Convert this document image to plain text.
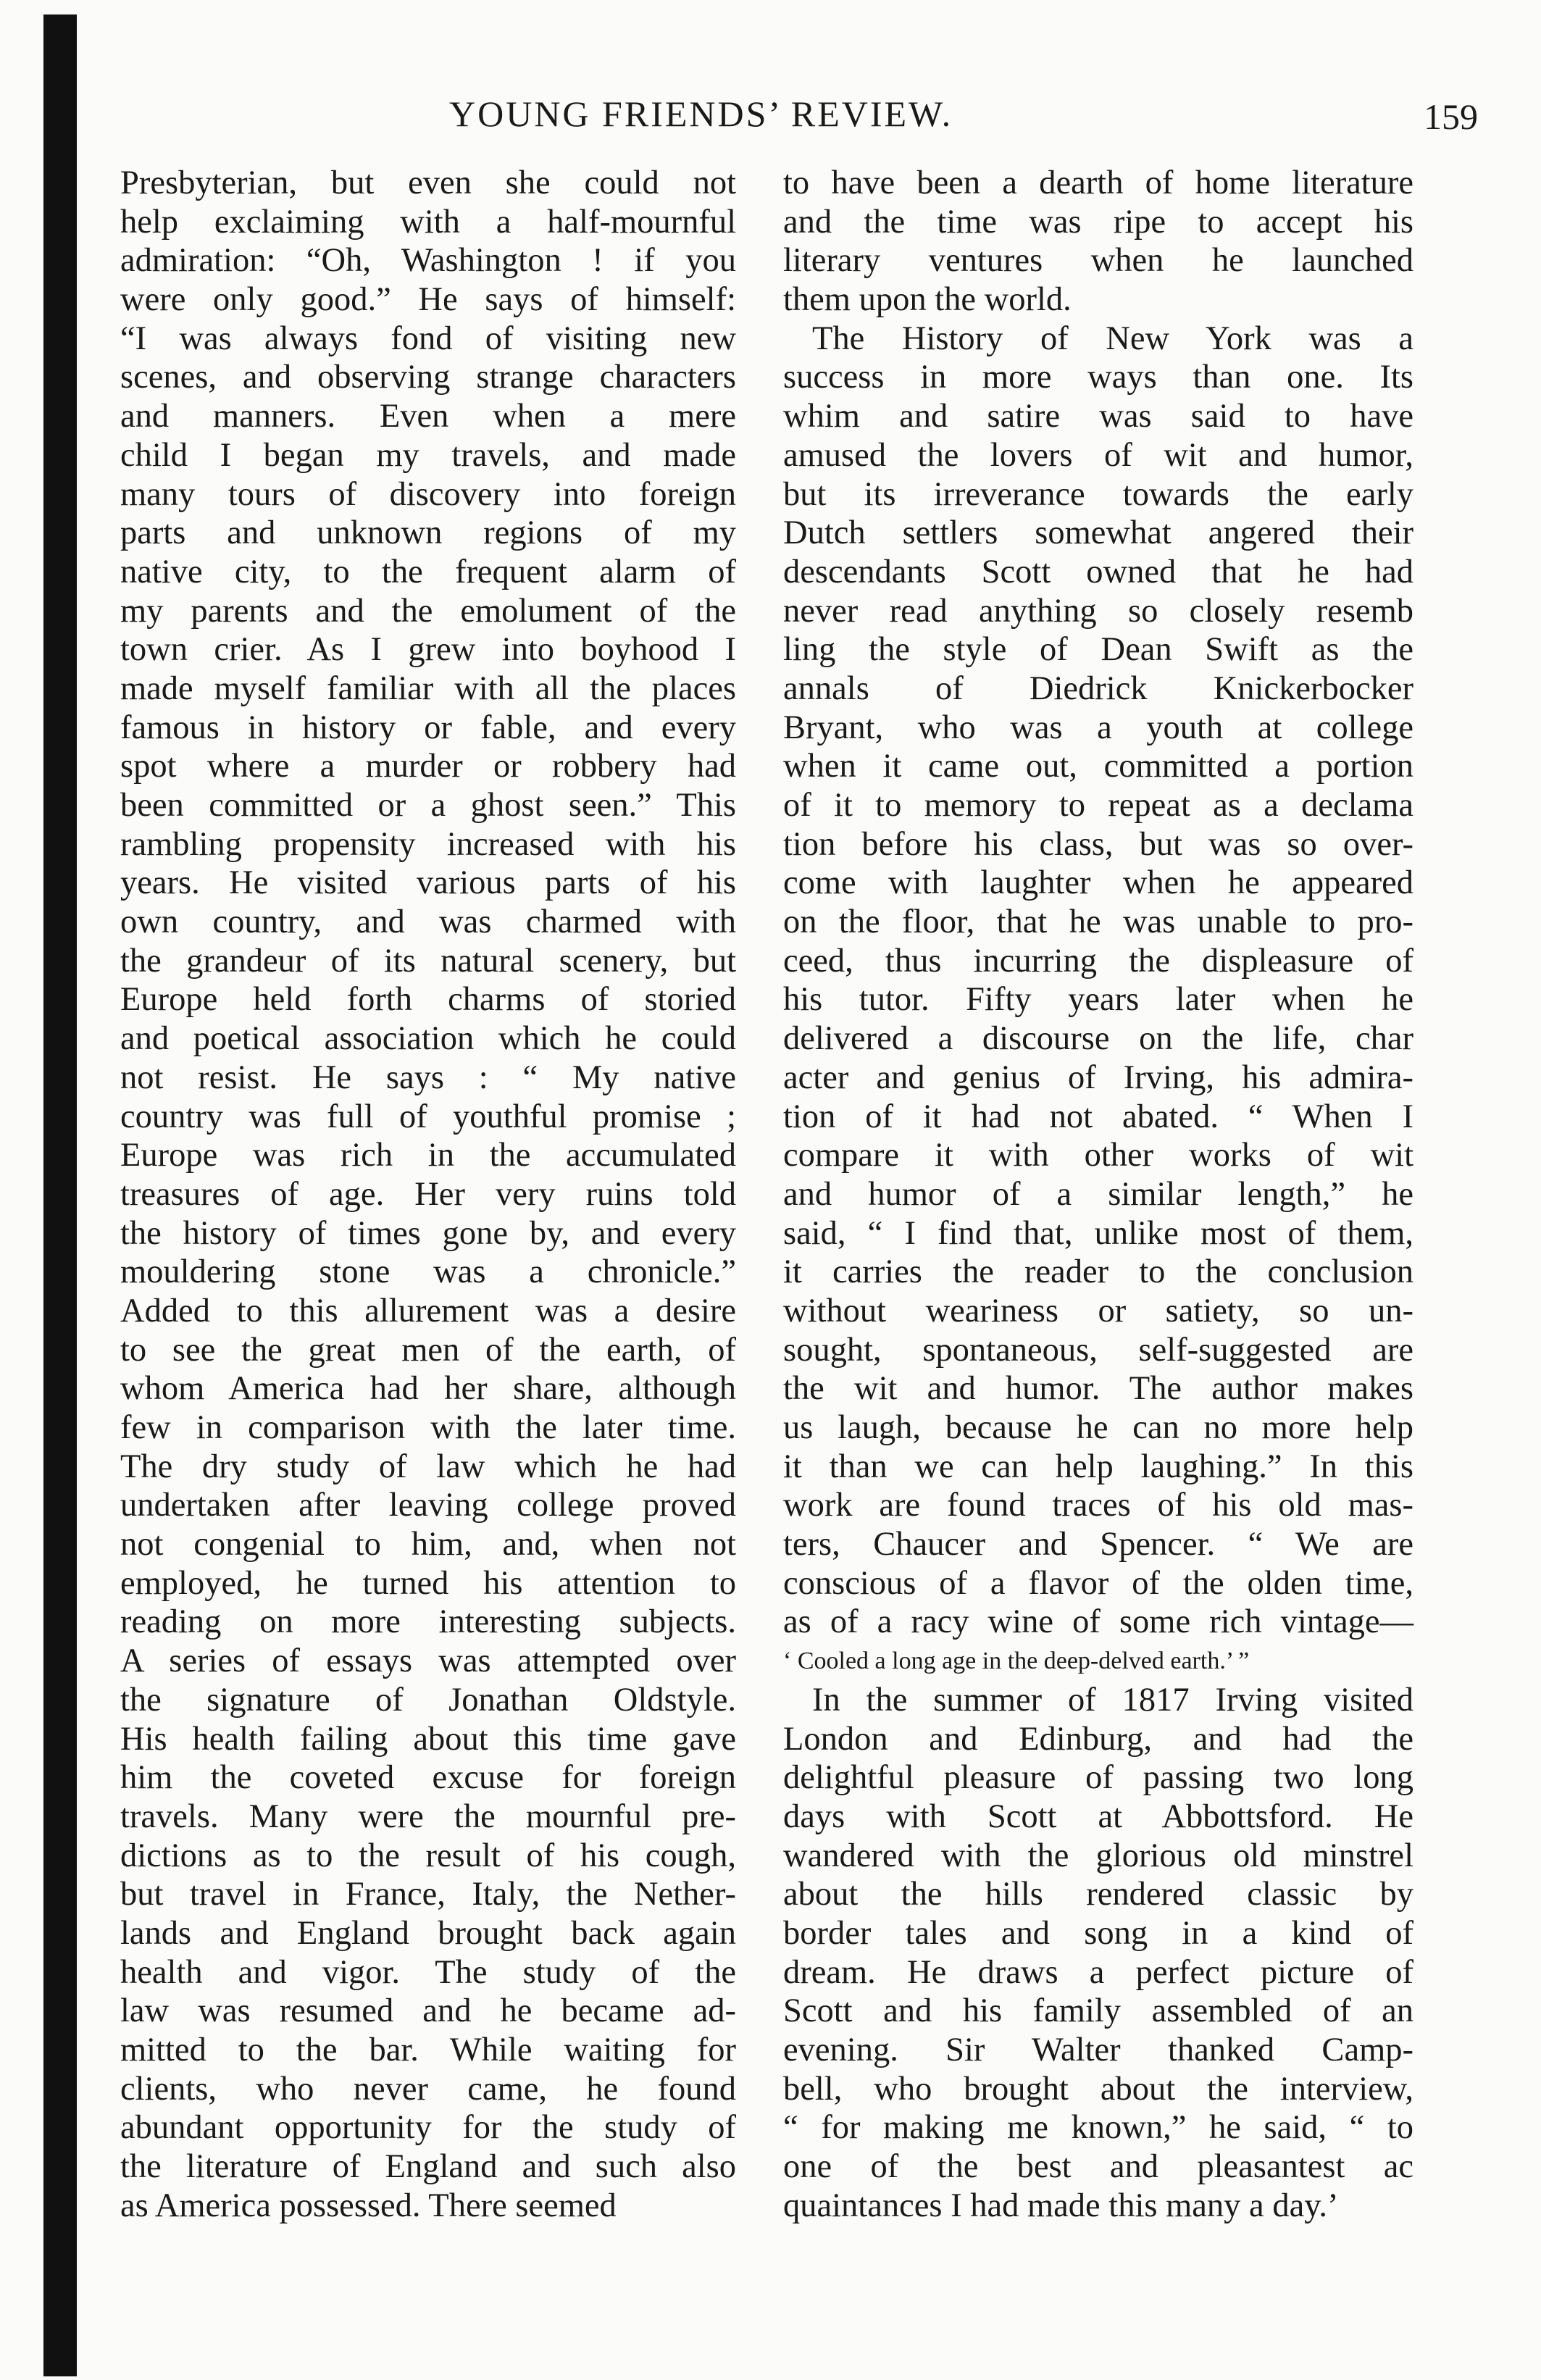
YOUNG FRIENDS’ REVIEW.	159
Presbyterian, but even she could not
help exclaiming with a half-mournful
admiration: “Oh, Washington ! if you
were only good.” He says of himself:
“I was always fond of visiting new
scenes, and observing strange characters
and manners. Even when a mere
child I began my travels, and made
many tours of discovery into foreign
parts and unknown regions of my
native city, to the frequent alarm of
my parents and the emolument of the
town crier. As I grew into boyhood I
made myself familiar with all the places
famous in history or fable, and every
spot where a murder or robbery had
been committed or a ghost seen.” This
rambling propensity increased with his
years. He visited various parts of his
own country, and was charmed with
the grandeur of its natural scenery, but
Europe held forth charms of storied
and poetical association which he could
not resist. He says : “ My native
country was full of youthful promise ;
Europe was rich in the accumulated
treasures of age. Her very ruins told
the history of times gone by, and every
mouldering stone was a chronicle.”
Added to this allurement was a desire
to see the great men of the earth, of
whom America had her share, although
few in comparison with the later time.
The dry study of law which he had
undertaken after leaving college proved
not congenial to him, and, when not
employed, he turned his attention to
reading on more interesting subjects.
A series of essays was attempted over
the signature of Jonathan Oldstyle.
His health failing about this time gave
him the coveted excuse for foreign
travels. Many were the mournful pre-
dictions as to the result of his cough,
but travel in France, Italy, the Nether-
lands and England brought back again
health and vigor. The study of the
law was resumed and he became ad-
mitted to the bar. While waiting for
clients, who never came, he found
abundant opportunity for the study of
the literature of England and such also
as America possessed. There seemed
to have been a dearth of home literature
and the time was ripe to accept his
literary ventures when he launched
them upon the world.
The History of New York was a
success in more ways than one. Its
whim and satire was said to have
amused the lovers of wit and humor,
but its irreverance towards the early
Dutch settlers somewhat angered their
descendants Scott owned that he had
never read anything so closely resemb
ling the style of Dean Swift as the
annals of Diedrick Knickerbocker
Bryant, who was a youth at college
when it came out, committed a portion
of it to memory to repeat as a declama
tion before his class, but was so over-
come with laughter when he appeared
on the floor, that he was unable to pro-
ceed, thus incurring the displeasure of
his tutor. Fifty years later when he
delivered a discourse on the life, char
acter and genius of Irving, his admira-
tion of it had not abated. “ When I
compare it with other works of wit
and humor of a similar length,” he
said, “ I find that, unlike most of them,
it carries the reader to the conclusion
without weariness or satiety, so un-
sought, spontaneous, self-suggested are
the wit and humor. The author makes
us laugh, because he can no more help
it than we can help laughing.” In this
work are found traces of his old mas-
ters, Chaucer and Spencer. “ We are
conscious of a flavor of the olden time,
as of a racy wine of some rich vintage—
‘ Cooled a long age in the deep-delved earth.’ ”
In the summer of 1817 Irving visited
London and Edinburg, and had the
delightful pleasure of passing two long
days with Scott at Abbottsford. He
wandered with the glorious old minstrel
about the hills rendered classic by
border tales and song in a kind of
dream. He draws a perfect picture of
Scott and his family assembled of an
evening. Sir Walter thanked Camp-
bell, who brought about the interview,
“ for making me known,” he said, “ to
one of the best and pleasantest ac
quaintances I had made this many a day.’
